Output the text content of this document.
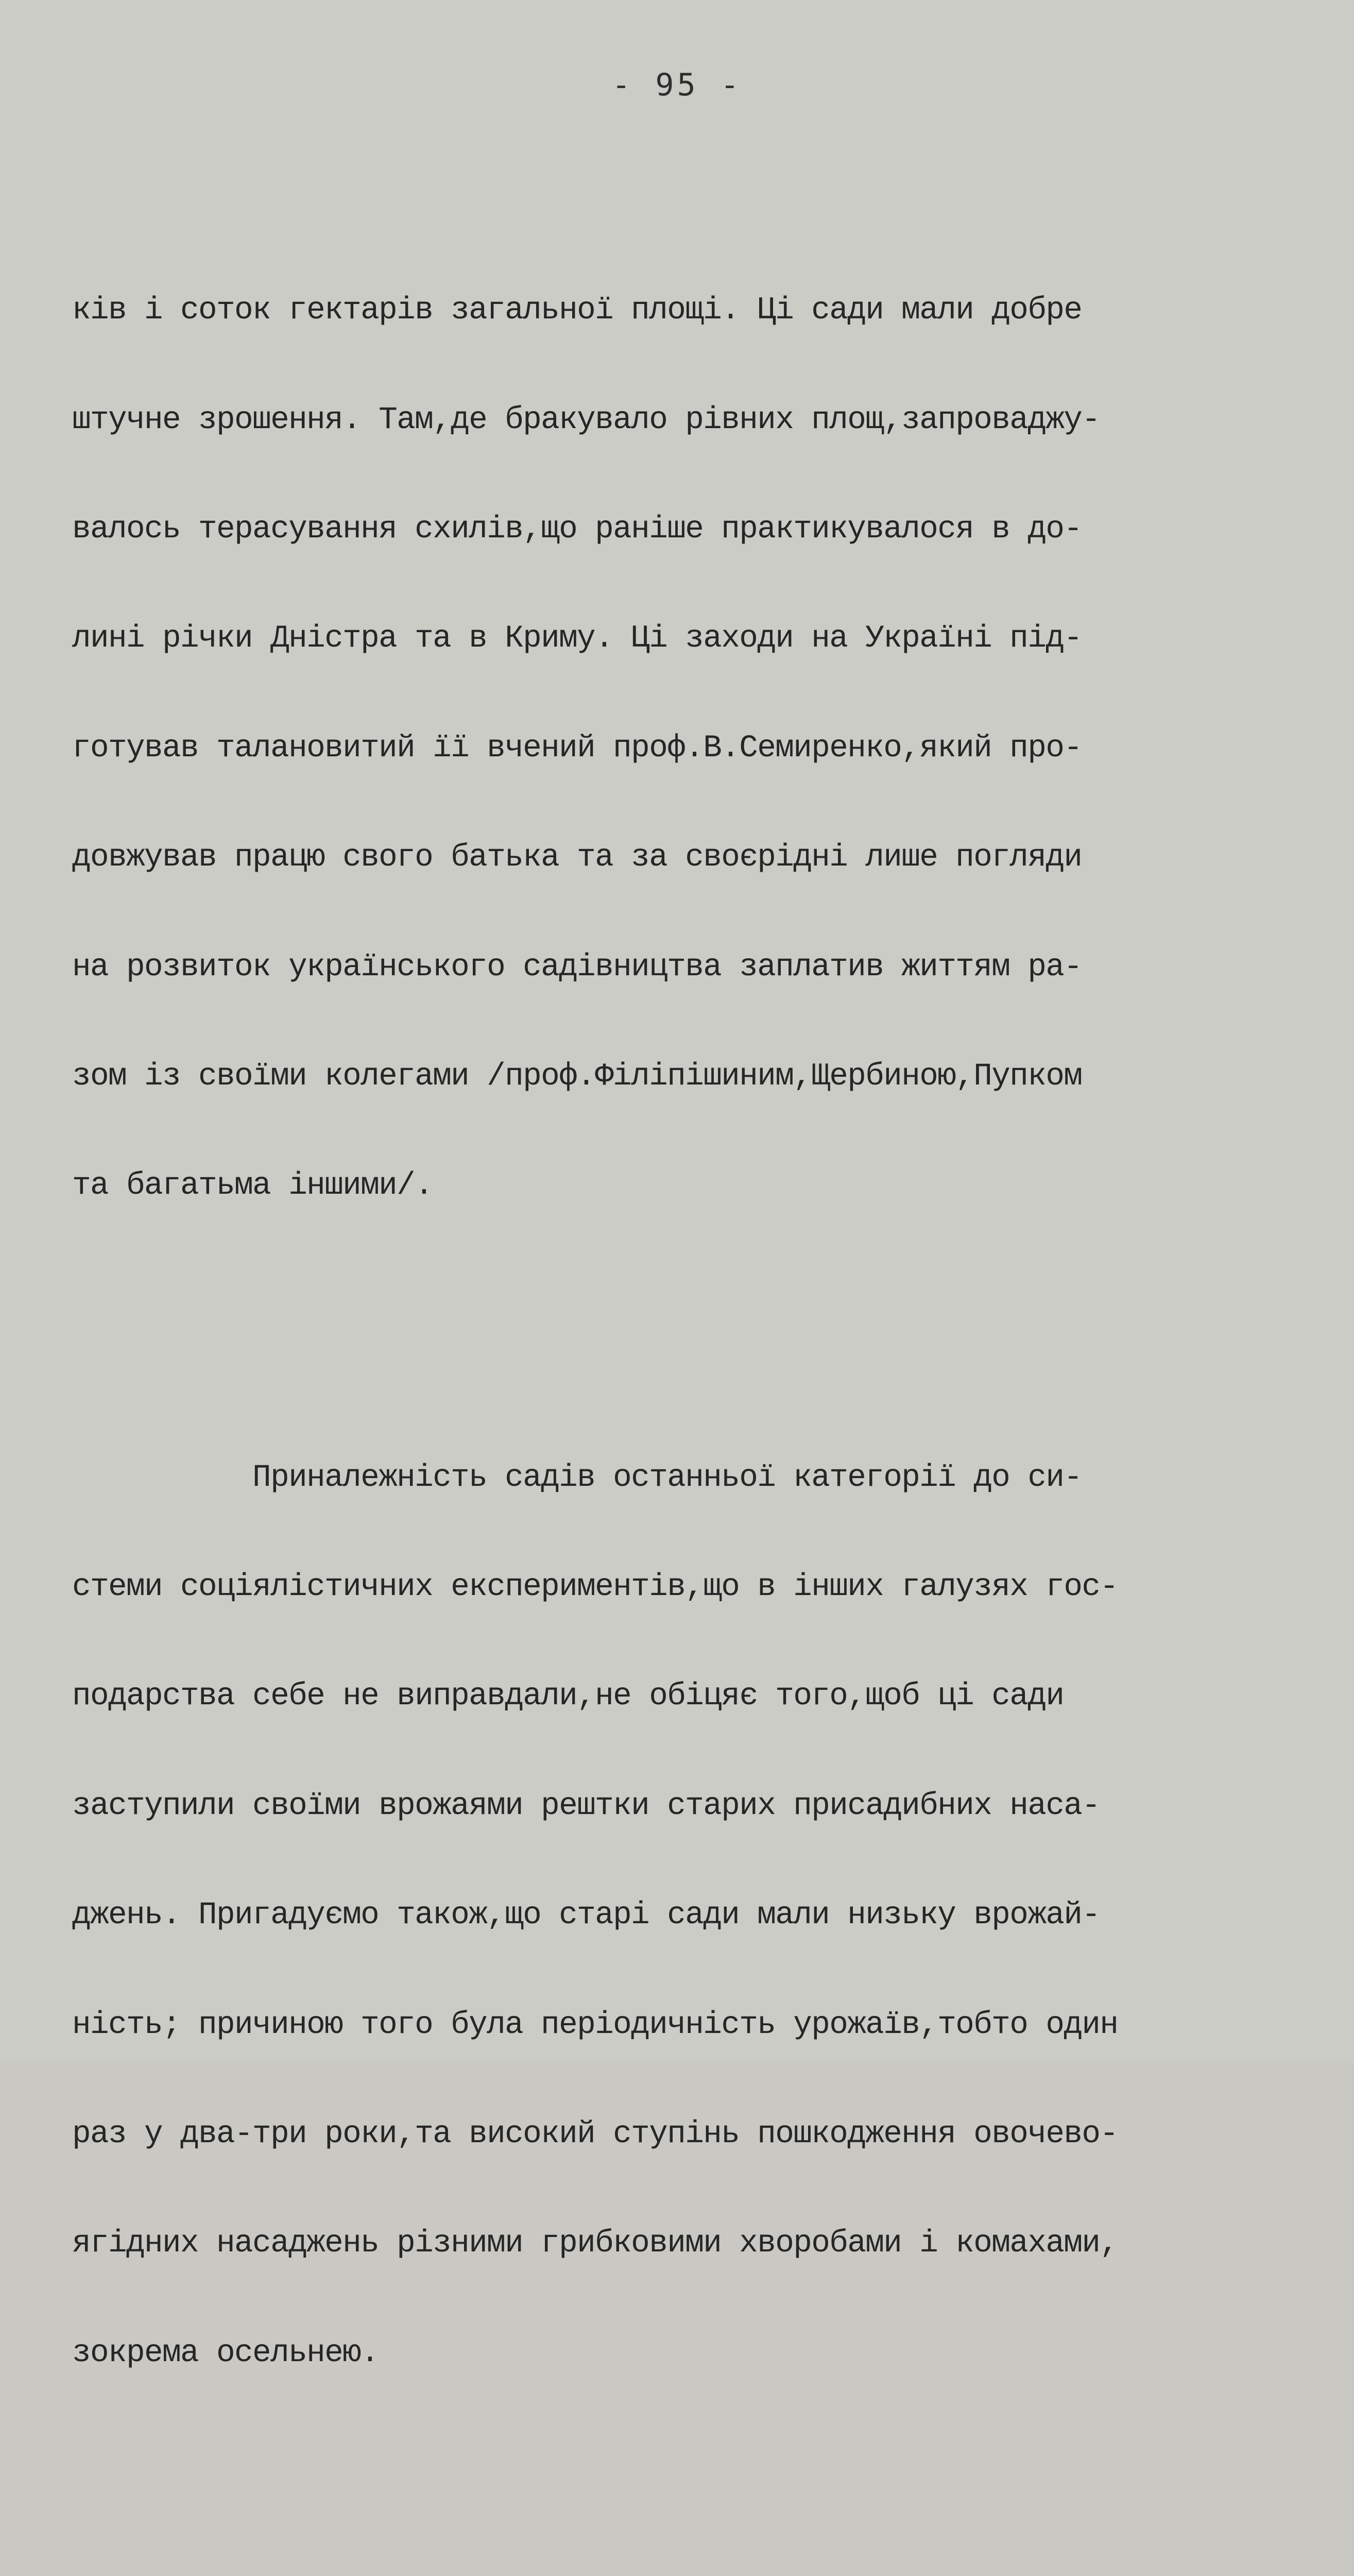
- 95 -

ків і соток гектарів загальної площі. Ці сади мали добре

штучне зрошення. Там,де бракувало рівних площ,запроваджу-

валось терасування схилів,що раніше практикувалося в до-

лині річки Дністра та в Криму. Ці заходи на Україні під-

готував талановитий її вчений проф.В.Семиренко,який про-

довжував працю свого батька та за своєрідні лише погляди

на розвиток українського садівництва заплатив життям ра-

зом із своїми колегами /проф.Філіпішиним,Щербиною,Пупком

та багатьма іншими/.

Приналежність садів останньої категорії до си-

стеми соціялістичних експериментів,що в інших галузях гос-

подарства себе не виправдали,не обіцяє того,щоб ці сади

заступили своїми врожаями рештки старих присадибних наса-

джень. Пригадуємо також,що старі сади мали низьку врожай-

ність; причиною того була періодичність урожаїв,тобто один

раз у два-три роки,та високий ступінь пошкодження овочево-

ягідних насаджень різними грибковими хворобами і комахами,

зокрема осельнею.
